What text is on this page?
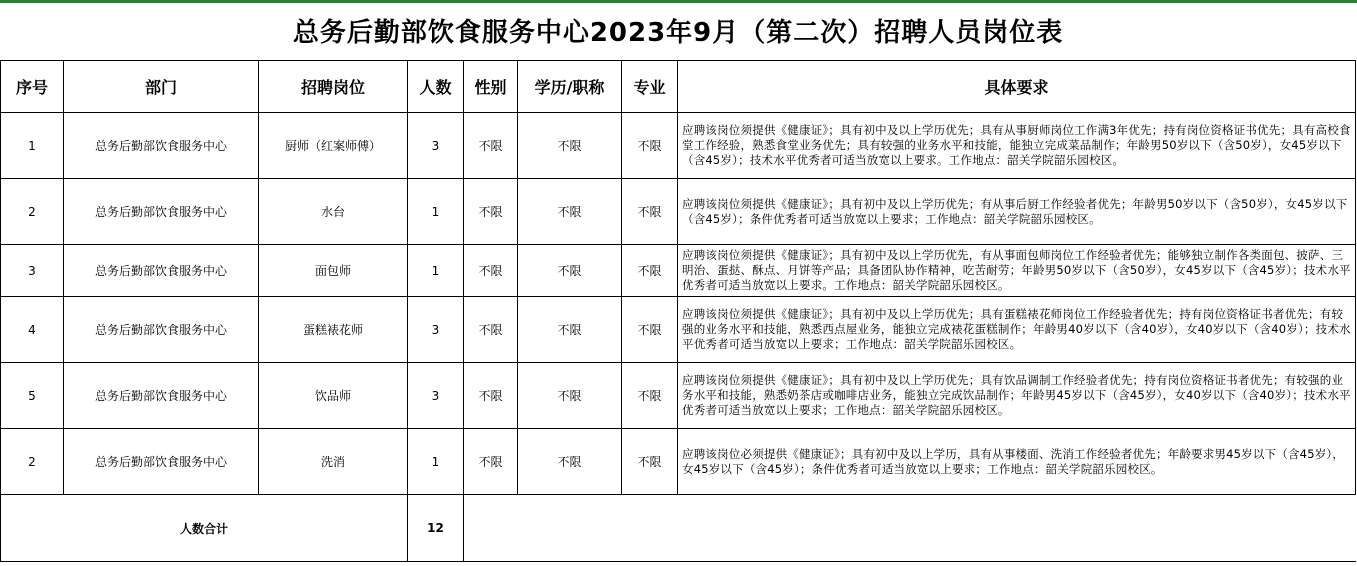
总务后勤部饮食服务中心2023年9月（第二次）招聘人员岗位表							
序号	部门	招聘岗位	人数	性别	学历/职称	专业	具体要求
1	总务后勤部饮食服务中心	厨师（红案师傅）	3	不限	不限	不限	应聘该岗位须提供《健康证》；具有初中及以上学历优先；具有从事厨师岗位工作满3年优先；持有岗位资格证书优先；具有高校食堂工作经验，熟悉食堂业务优先；具有较强的业务水平和技能，能独立完成菜品制作；年龄男50岁以下（含50岁），女45岁以下（含45岁）；技术水平优秀者可适当放宽以上要求。工作地点：韶关学院韶乐园校区。
2	总务后勤部饮食服务中心	水台	1	不限	不限	不限	应聘该岗位须提供《健康证》；具有初中及以上学历优先；有从事后厨工作经验者优先；年龄男50岁以下（含50岁），女45岁以下（含45岁）；条件优秀者可适当放宽以上要求；工作地点：韶关学院韶乐园校区。
3	总务后勤部饮食服务中心	面包师	1	不限	不限	不限	应聘该岗位须提供《健康证》；具有初中及以上学历优先，有从事面包师岗位工作经验者优先；能够独立制作各类面包、披萨、三明治、蛋挞、酥点、月饼等产品；具备团队协作精神，吃苦耐劳；年龄男50岁以下（含50岁），女45岁以下（含45岁）；技术水平优秀者可适当放宽以上要求。工作地点：韶关学院韶乐园校区。
4	总务后勤部饮食服务中心	蛋糕裱花师	3	不限	不限	不限	应聘该岗位须提供《健康证》；具有初中及以上学历优先；具有蛋糕裱花师岗位工作经验者优先；持有岗位资格证书者优先；有较强的业务水平和技能，熟悉西点屋业务，能独立完成裱花蛋糕制作；年龄男40岁以下（含40岁），女40岁以下（含40岁）；技术水平优秀者可适当放宽以上要求；工作地点：韶关学院韶乐园校区。
5	总务后勤部饮食服务中心	饮品师	3	不限	不限	不限	应聘该岗位须提供《健康证》；具有初中及以上学历优先；具有饮品调制工作经验者优先；持有岗位资格证书者优先；有较强的业务水平和技能，熟悉奶茶店或咖啡店业务，能独立完成饮品制作；年龄男45岁以下（含45岁），女40岁以下（含40岁）；技术水平优秀者可适当放宽以上要求；工作地点：韶关学院韶乐园校区。
2	总务后勤部饮食服务中心	洗消	1	不限	不限	不限	应聘该岗位必须提供《健康证》；具有初中及以上学历，具有从事楼面、洗消工作经验者优先；年龄要求男45岁以下（含45岁），女45岁以下（含45岁）；条件优秀者可适当放宽以上要求；工作地点：韶关学院韶乐园校区。
人数合计			12				
